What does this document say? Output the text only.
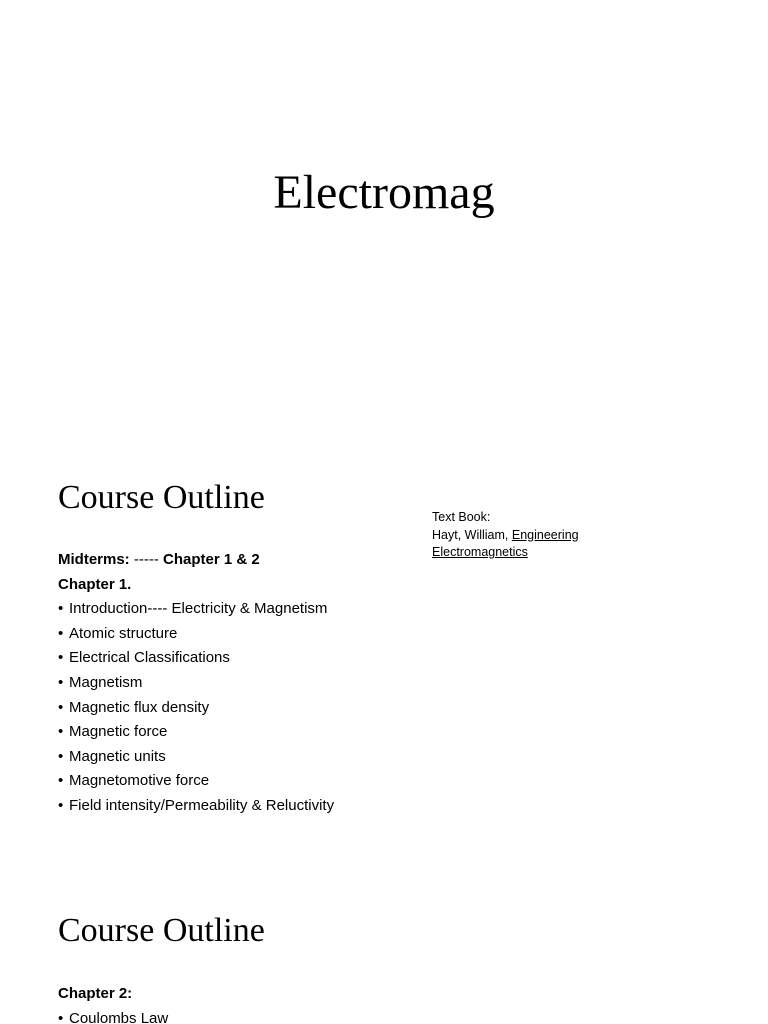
Electromag
Course Outline
Text Book:
Hayt, William, Engineering
Electromagnetics
Midterms: ----- Chapter 1 & 2
Chapter 1.
• Introduction---- Electricity & Magnetism
• Atomic structure
• Electrical Classifications
• Magnetism
• Magnetic flux density
• Magnetic force
• Magnetic units
• Magnetomotive force
• Field intensity/Permeability & Reluctivity
Course Outline
Chapter 2:
• Coulombs Law
